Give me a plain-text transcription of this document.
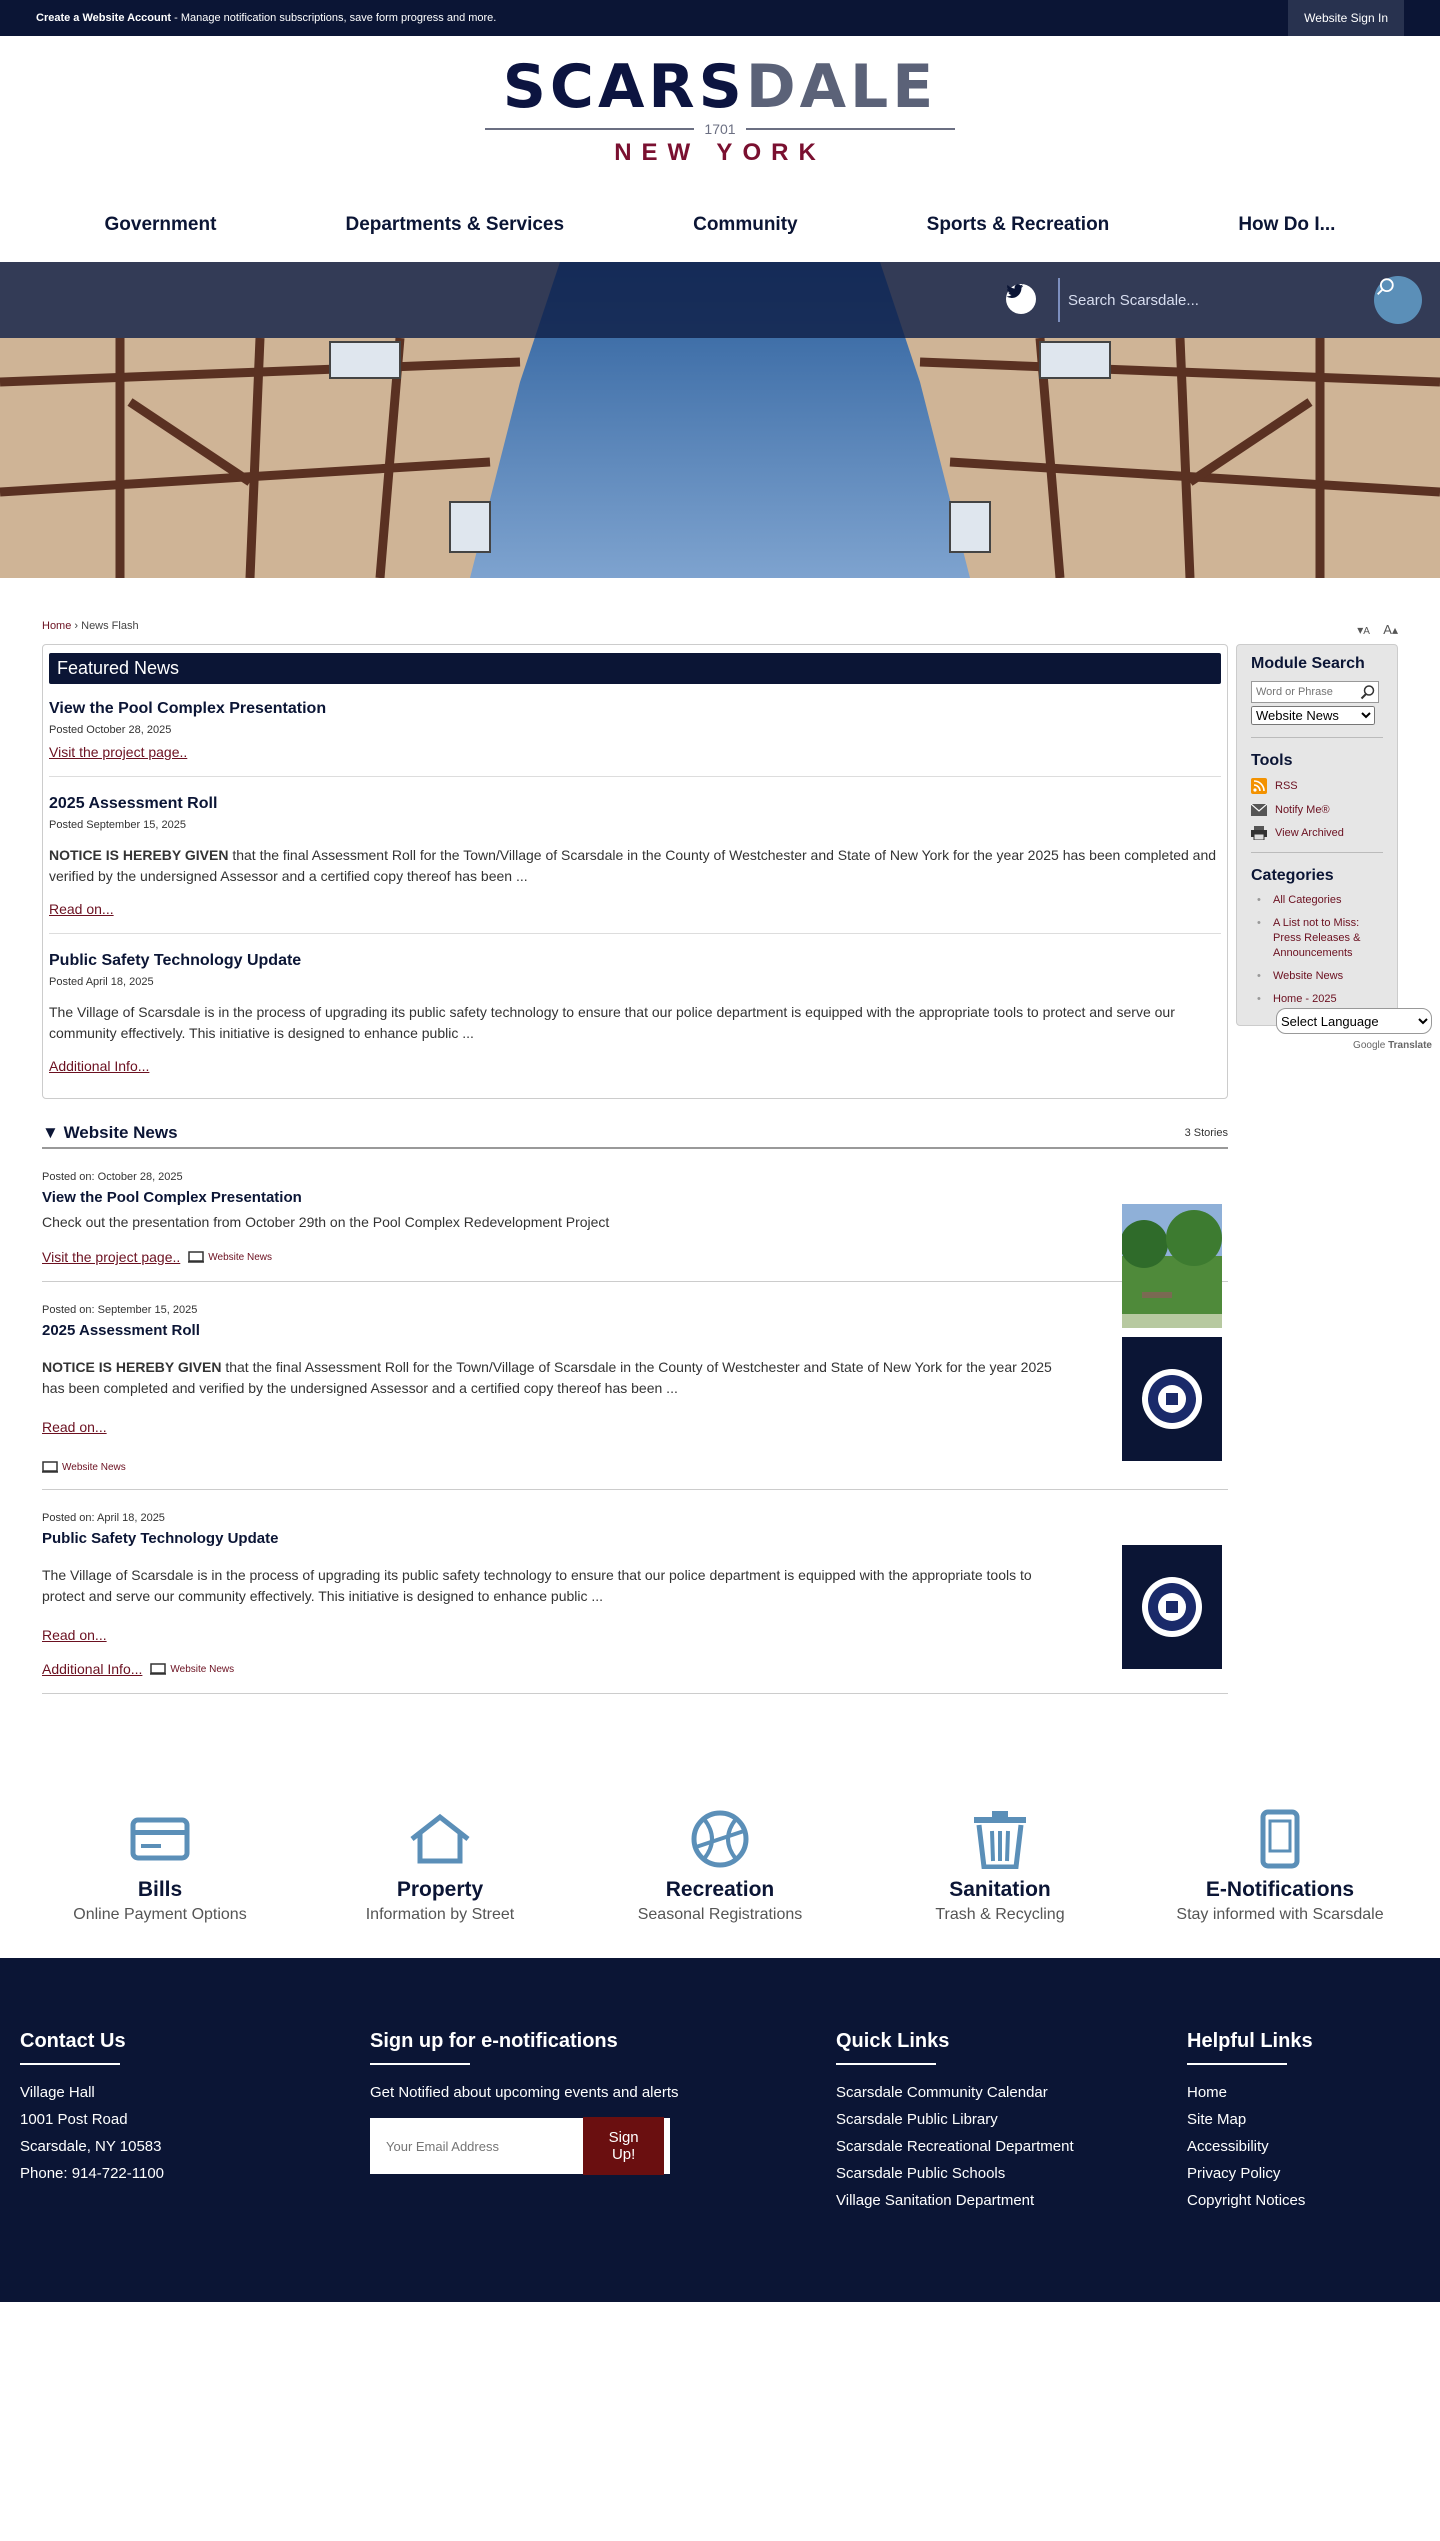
Create a Website Account - Manage notification subscriptions, save form progress and more.	Website Sign In
SCARSDALE
1701
NEW YORK
Government	Departments & Services	Community	Sports & Recreation	How Do I...
Search Scarsdale...
Home › News Flash	▾A A▴
Featured News
View the Pool Complex Presentation
Posted October 28, 2025
Visit the project page..
2025 Assessment Roll
Posted September 15, 2025

NOTICE IS HEREBY GIVEN that the final Assessment Roll for the Town/Village of Scarsdale in the County of Westchester and State of New York for the year 2025 has been completed and verified by the undersigned Assessor and a certified copy thereof has been ...

Read on...
Public Safety Technology Update
Posted April 18, 2025

The Village of Scarsdale is in the process of upgrading its public safety technology to ensure that our police department is equipped with the appropriate tools to protect and serve our community effectively. This initiative is designed to enhance public ...

Additional Info...
▼ Website News	3 Stories
Posted on: October 28, 2025
View the Pool Complex Presentation
Check out the presentation from October 29th on the Pool Complex Redevelopment Project
Visit the project page..	Website News
Posted on: September 15, 2025
2025 Assessment Roll
NOTICE IS HEREBY GIVEN that the final Assessment Roll for the Town/Village of Scarsdale in the County of Westchester and State of New York for the year 2025 has been completed and verified by the undersigned Assessor and a certified copy thereof has been ...
Read on...
Website News
Posted on: April 18, 2025
Public Safety Technology Update
The Village of Scarsdale is in the process of upgrading its public safety technology to ensure that our police department is equipped with the appropriate tools to protect and serve our community effectively. This initiative is designed to enhance public ...
Read on...
Additional Info...	Website News
Module Search
Word or Phrase
Website News
Tools
RSS
Notify Me®
View Archived
Categories
• All Categories
• A List not to Miss: Press Releases & Announcements
• Website News
• Home - 2025
Select Language
Google Translate
Bills
Online Payment Options
Property
Information by Street
Recreation
Seasonal Registrations
Sanitation
Trash & Recycling
E-Notifications
Stay informed with Scarsdale
Contact Us

Village Hall

1001 Post Road

Scarsdale, NY 10583

Phone: 914-722-1100

Sign up for e-notifications

Get Notified about upcoming events and alerts

Your Email Address
Sign Up!
Quick Links
Scarsdale Community Calendar
Scarsdale Public Library
Scarsdale Recreational Department
Scarsdale Public Schools
Village Sanitation Department
Helpful Links
Home
Site Map
Accessibility
Privacy Policy
Copyright Notices
